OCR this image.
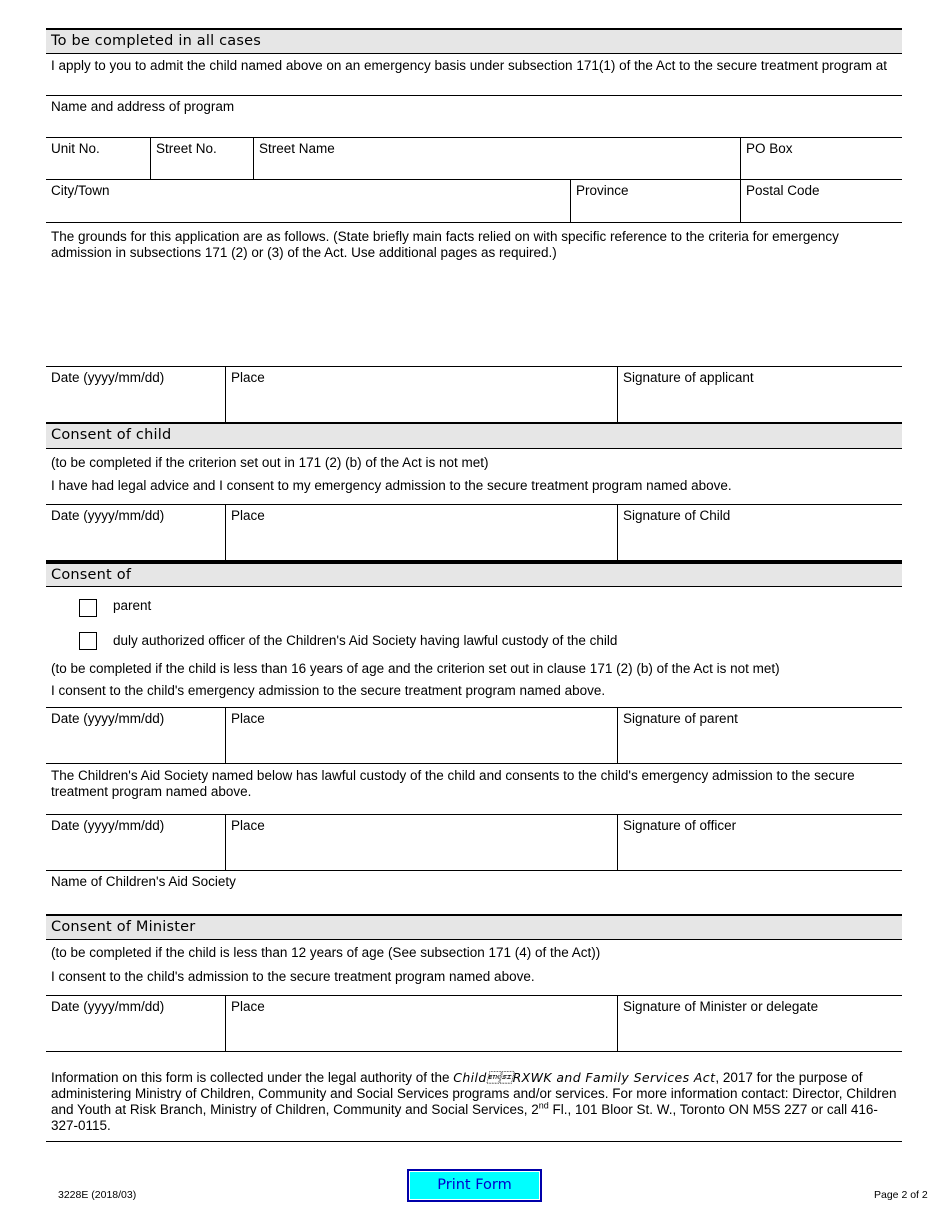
To be completed in all cases
I apply to you to admit the child named above on an emergency basis under subsection 171(1) of the Act to the secure treatment program at
Name and address of program
Unit No.	Street No.	Street Name	PO Box
City/Town	Province	Postal Code
The grounds for this application are as follows. (State briefly main facts relied on with specific reference to the criteria for emergency admission in subsections 171 (2) or (3) of the Act. Use additional pages as required.)
Date (yyyy/mm/dd)	Place	Signature of applicant
Consent of child
(to be completed if the criterion set out in 171 (2) (b) of the Act is not met)
I have had legal advice and I consent to my emergency admission to the secure treatment program named above.
Date (yyyy/mm/dd)	Place	Signature of Child
Consent of
parent
duly authorized officer of the Children's Aid Society having lawful custody of the child
(to be completed if the child is less than 16 years of age and the criterion set out in clause 171 (2) (b) of the Act is not met)
I consent to the child's emergency admission to the secure treatment program named above.
Date (yyyy/mm/dd)	Place	Signature of parent
The Children's Aid Society named below has lawful custody of the child and consents to the child's emergency admission to the secure treatment program named above.
Date (yyyy/mm/dd)	Place	Signature of officer
Name of Children's Aid Society
Consent of Minister
(to be completed if the child is less than 12 years of age (See subsection 171 (4) of the Act))
I consent to the child's admission to the secure treatment program named above.
Date (yyyy/mm/dd)	Place	Signature of Minister or delegate
Information on this form is collected under the legal authority of the ChildRXWK and Family Services Act, 2017 for the purpose of administering Ministry of Children, Community and Social Services programs and/or services. For more information contact: Director, Children and Youth at Risk Branch, Ministry of Children, Community and Social Services, 2nd Fl., 101 Bloor St. W., Toronto ON M5S 2Z7 or call 416-327-0115.
Print Form
3228E (2018/03)	Page 2 of 2
